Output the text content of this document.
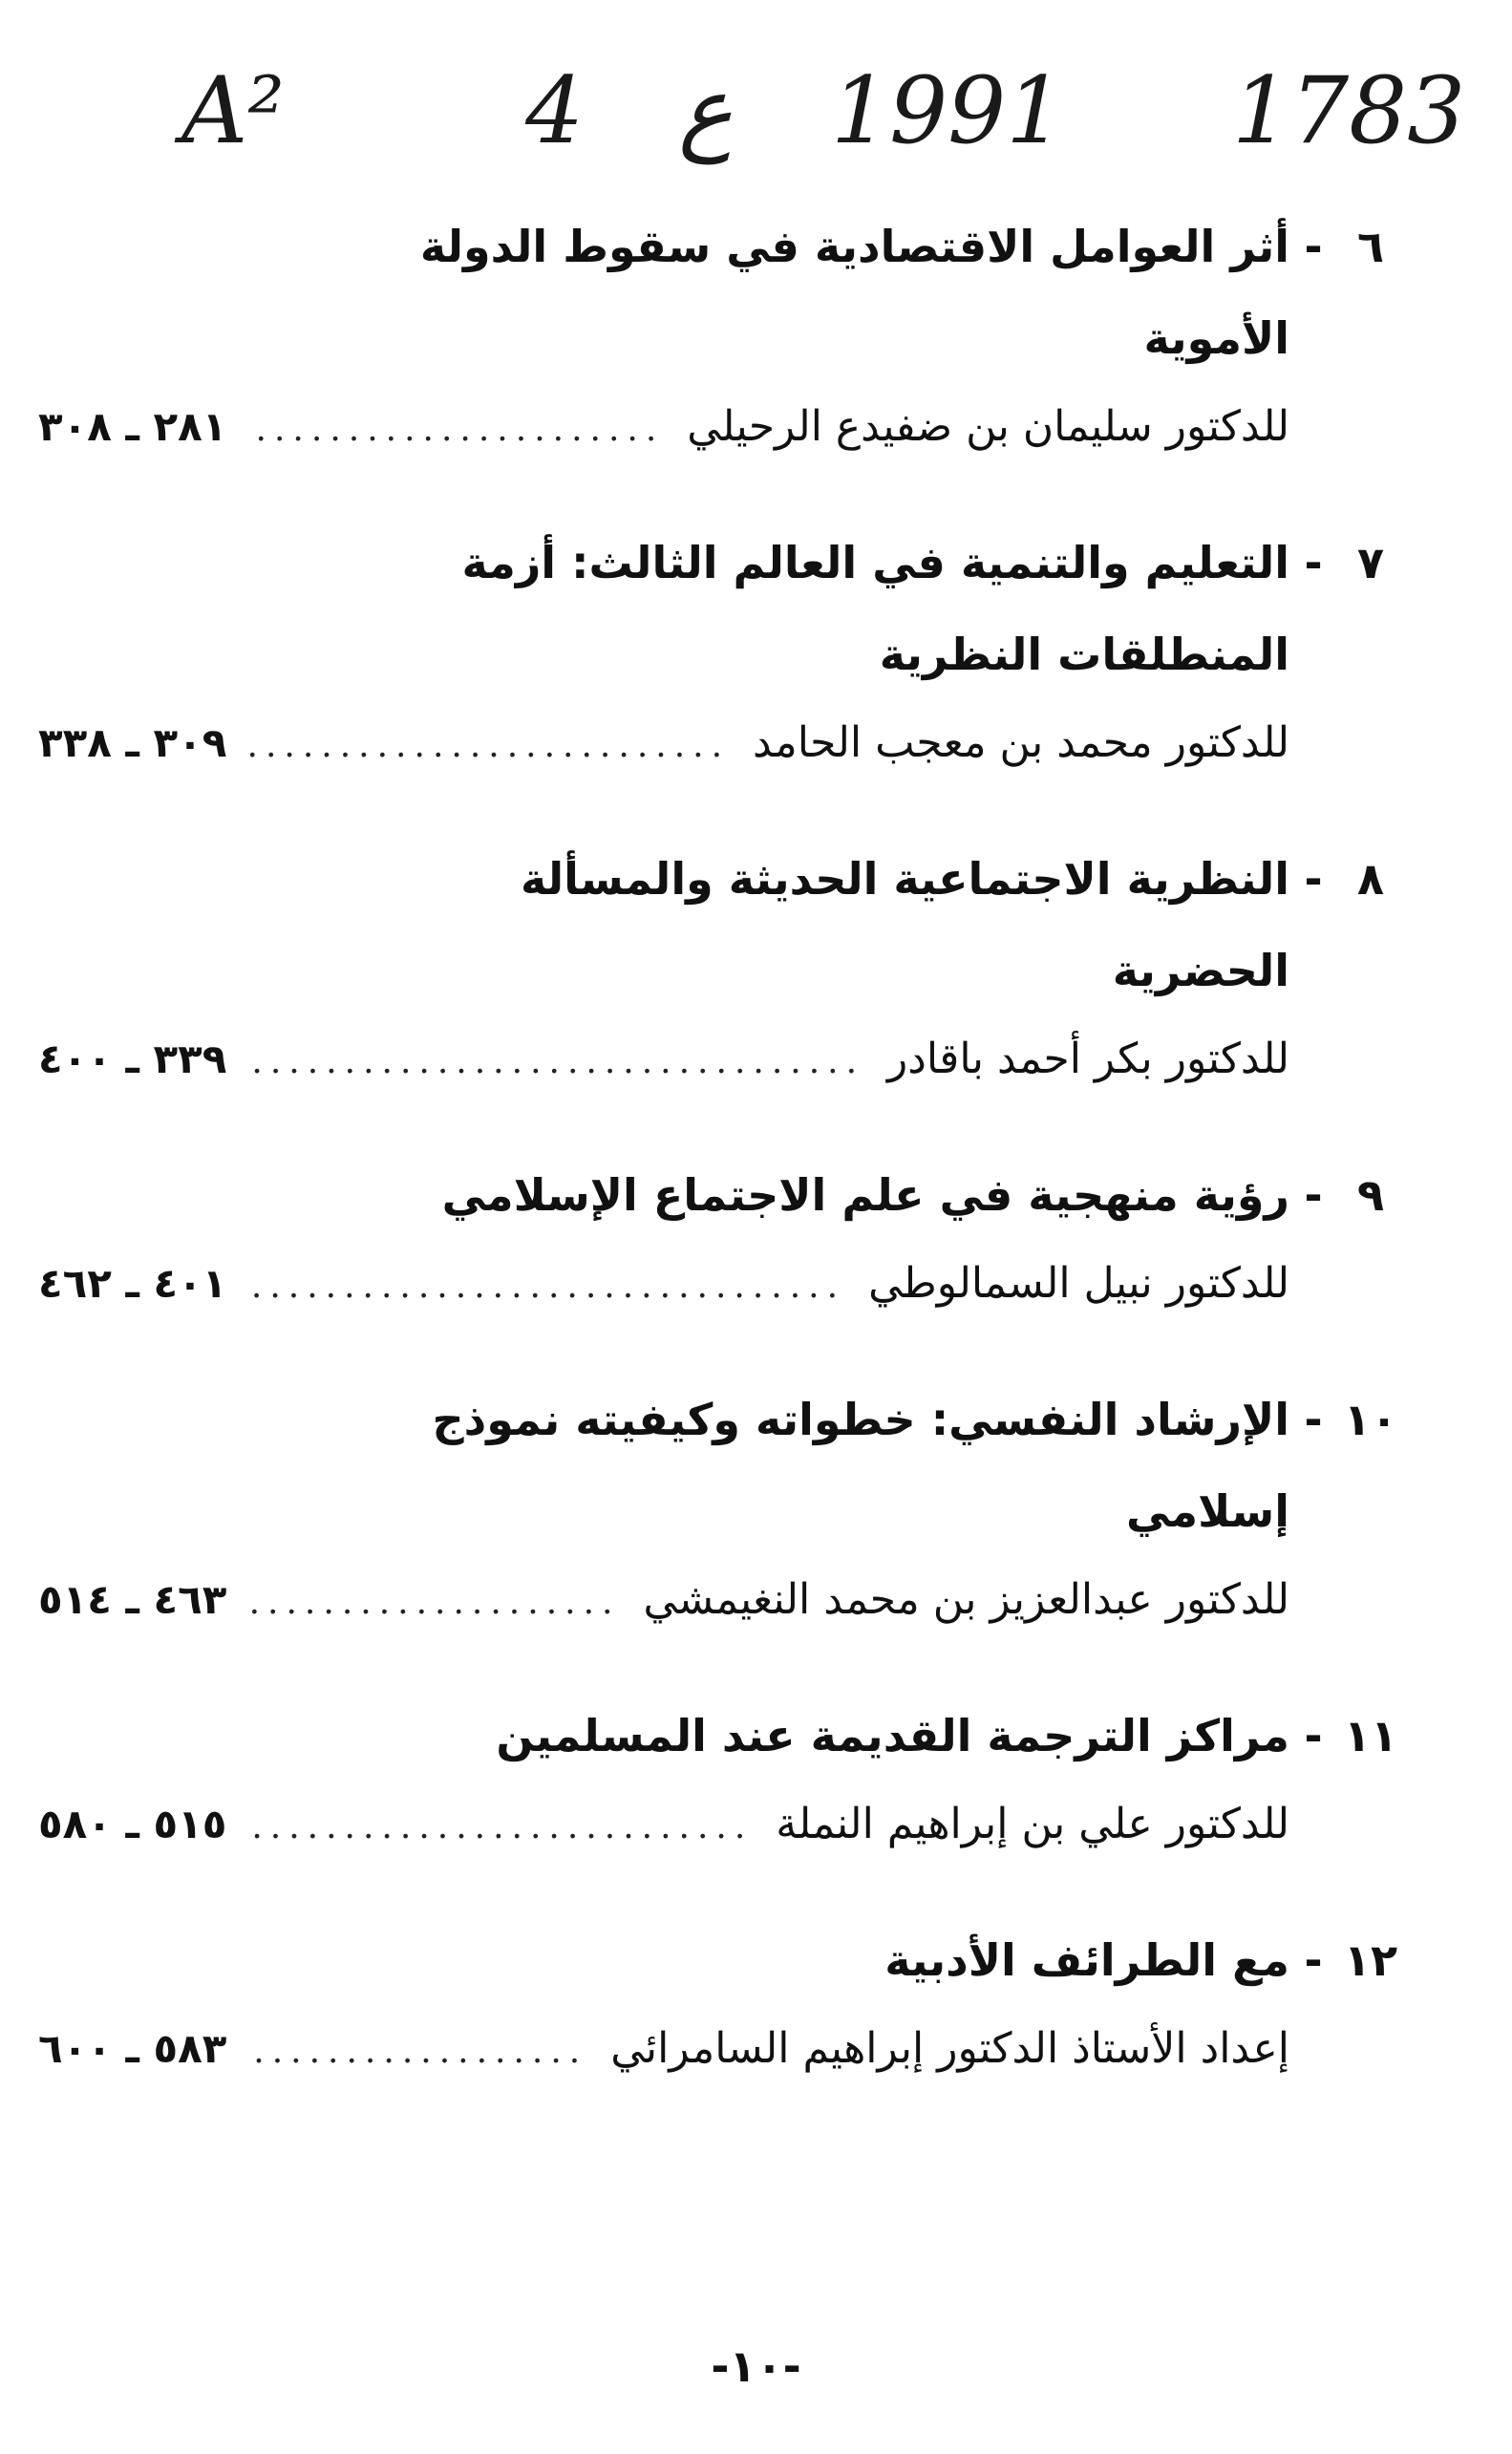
A²	4 ع 1991 1783
٦
-
أثر العوامل الاقتصادية في سقوط الدولة الأموية
للدكتور سليمان بن ضفيدع الرحيلي
.....
٢٨١ ـ ٣٠٨
٧
-
التعليم والتنمية في العالم الثالث: أزمة المنطلقات النظرية
للدكتور محمد بن معجب الحامد
.....
٣٠٩ ـ ٣٣٨
٨
-
النظرية الاجتماعية الحديثة والمسألة الحضرية
للدكتور بكر أحمد باقادر
.....
٣٣٩ ـ ٤٠٠
٩
-
رؤية منهجية في علم الاجتماع الإسلامي
للدكتور نبيل السمالوطي
.....
٤٠١ ـ ٤٦٢
١٠
-
الإرشاد النفسي: خطواته وكيفيته نموذج إسلامي
للدكتور عبدالعزيز بن محمد النغيمشي
.....
٤٦٣ ـ ٥١٤
١١
-
مراكز الترجمة القديمة عند المسلمين
للدكتور علي بن إبراهيم النملة
.....
٥١٥ ـ ٥٨٠
١٢
-
مع الطرائف الأدبية
إعداد الأستاذ الدكتور إبراهيم السامرائي
.....
٥٨٣ ـ ٦٠٠
-١٠-
